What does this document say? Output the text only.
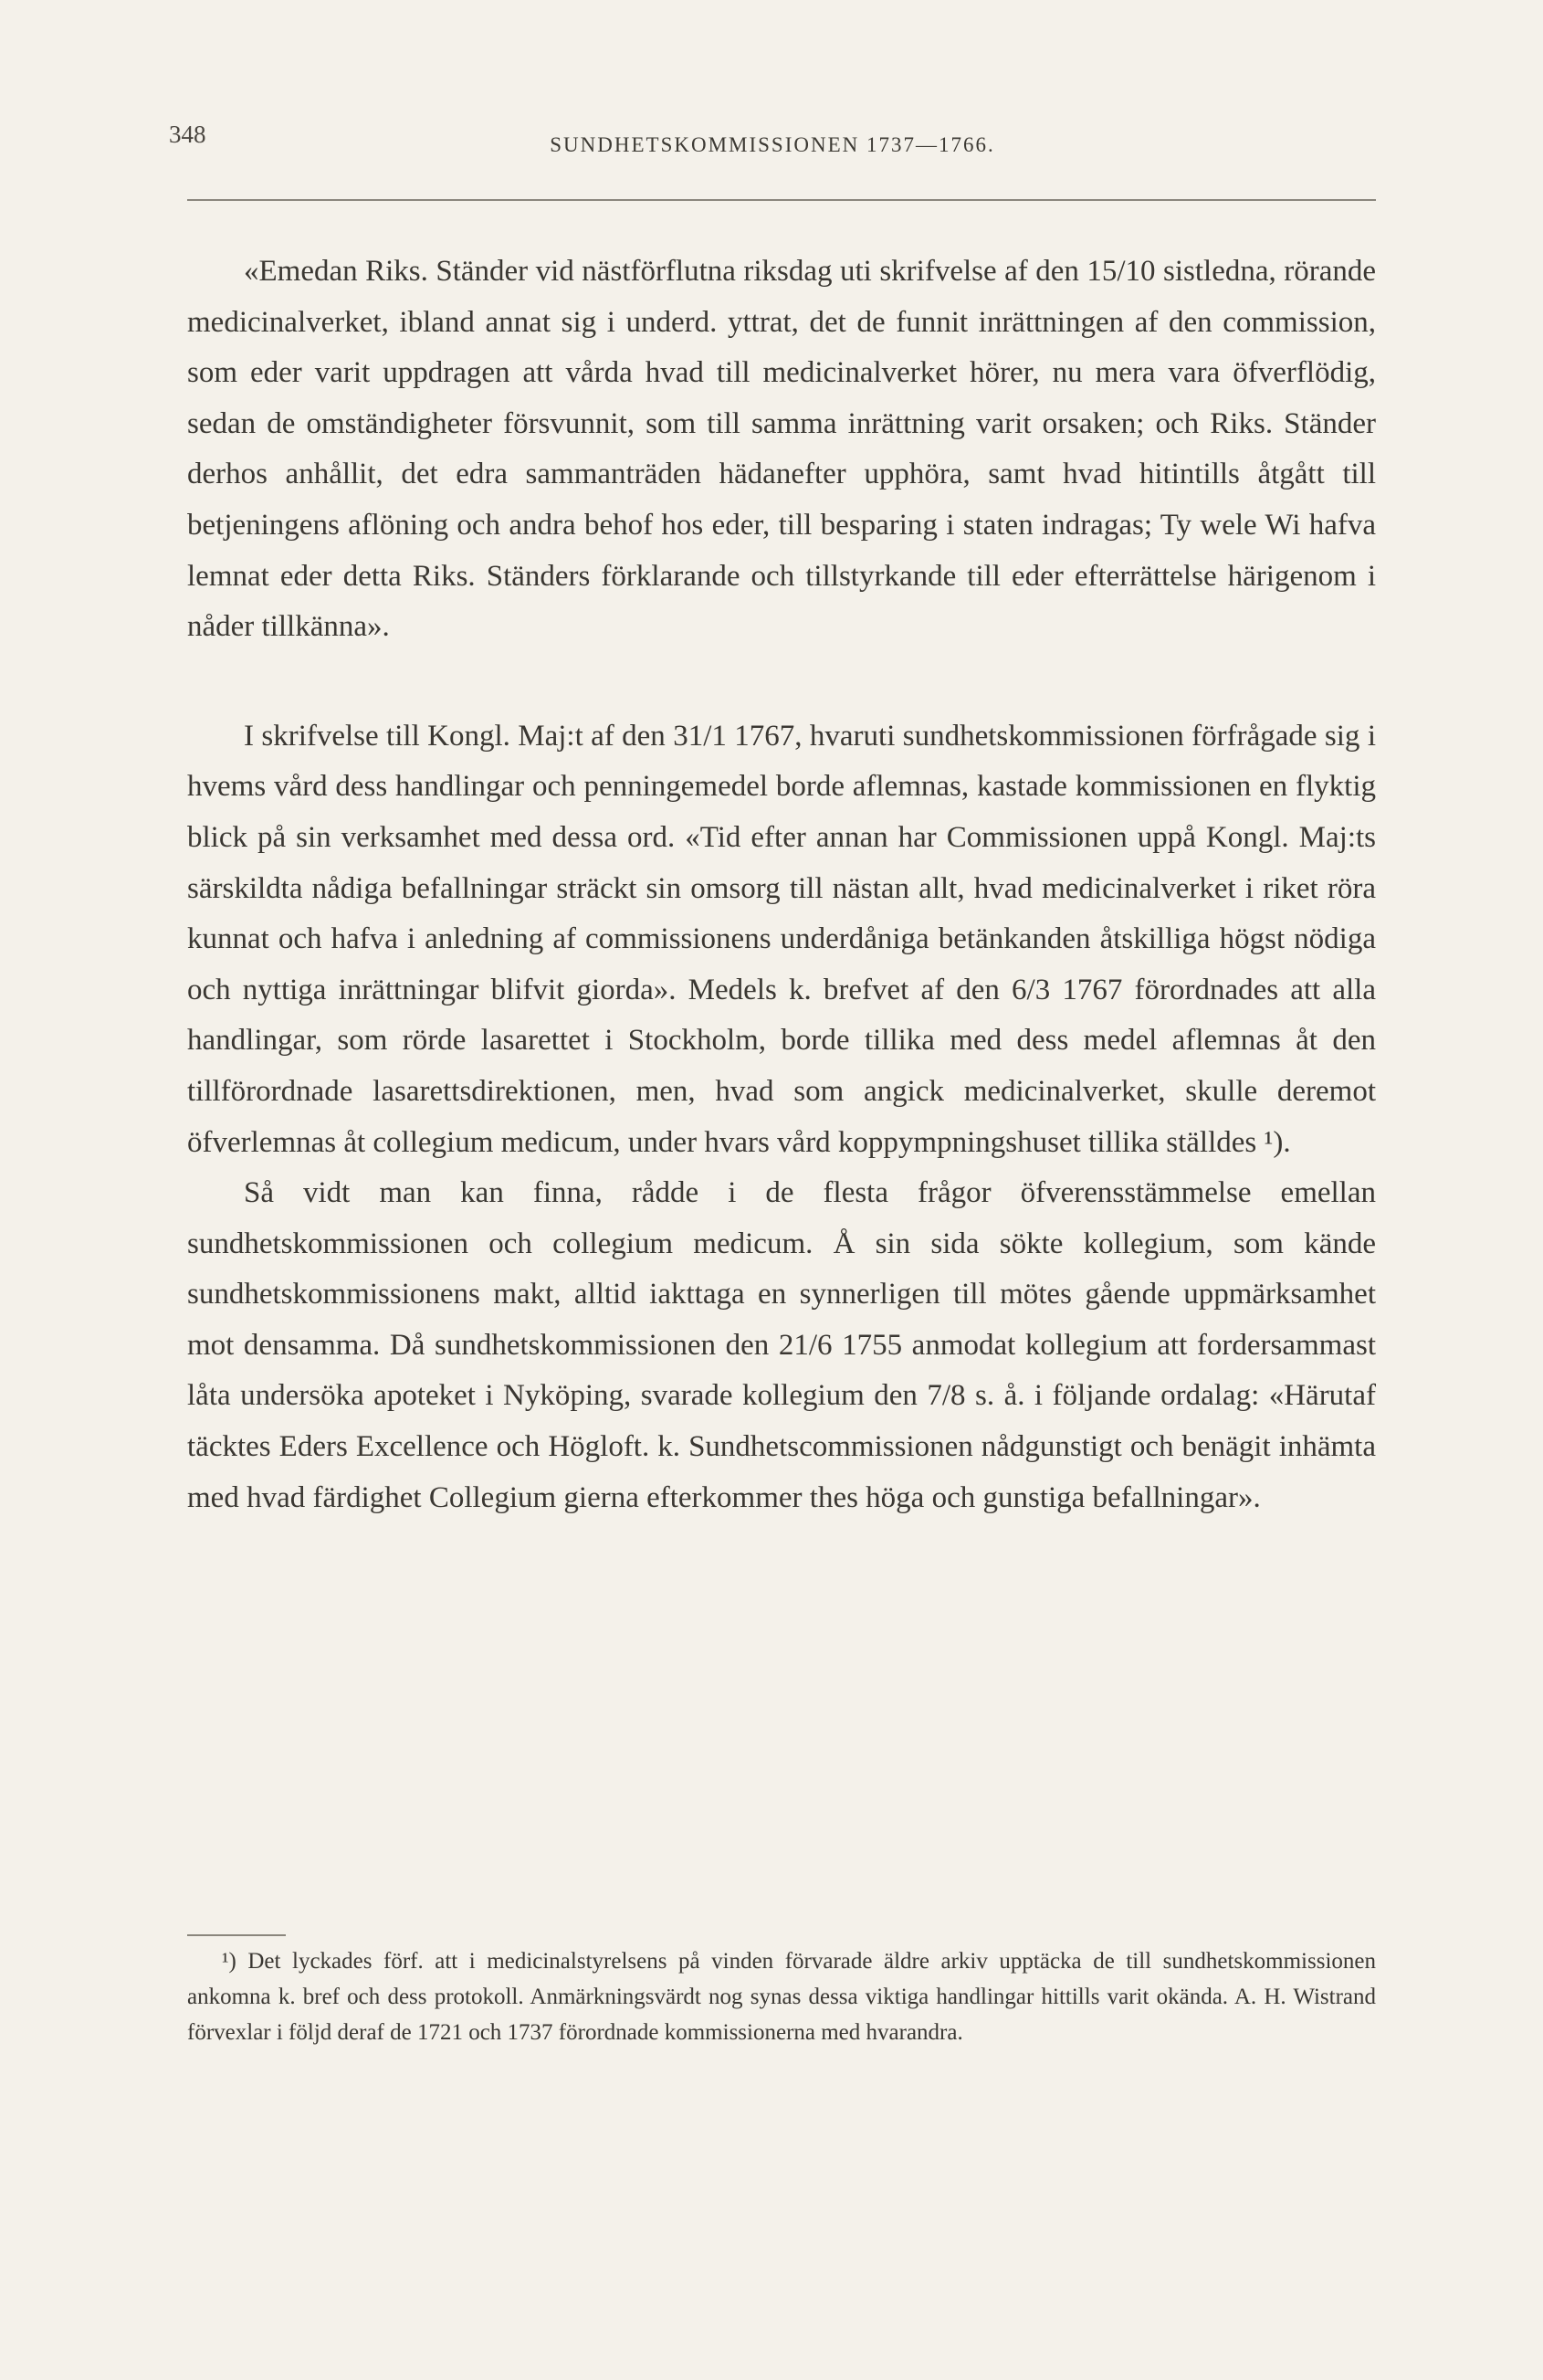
348	SUNDHETSKOMMISSIONEN 1737—1766.

«Emedan Riks. Ständer vid nästförflutna riksdag uti skrifvelse af den 15/10 sistledna, rörande medicinalverket, ibland annat sig i underd. yttrat, det de funnit inrättningen af den commission, som eder varit uppdragen att vårda hvad till medicinalverket hörer, nu mera vara öfverflödig, sedan de omständigheter försvunnit, som till samma inrättning varit orsaken; och Riks. Ständer derhos anhållit, det edra sammanträden hädanefter upphöra, samt hvad hitintills åtgått till betjeningens aflöning och andra behof hos eder, till besparing i staten indragas; Ty wele Wi hafva lemnat eder detta Riks. Ständers förklarande och tillstyrkande till eder efterrättelse härigenom i nåder tillkänna».

I skrifvelse till Kongl. Maj:t af den 31/1 1767, hvaruti sundhetskommissionen förfrågade sig i hvems vård dess handlingar och penningemedel borde aflemnas, kastade kommissionen en flyktig blick på sin verksamhet med dessa ord. «Tid efter annan har Commissionen uppå Kongl. Maj:ts särskildta nådiga befallningar sträckt sin omsorg till nästan allt, hvad medicinalverket i riket röra kunnat och hafva i anledning af commissionens underdåniga betänkanden åtskilliga högst nödiga och nyttiga inrättningar blifvit giorda». Medels k. brefvet af den 6/3 1767 förordnades att alla handlingar, som rörde lasarettet i Stockholm, borde tillika med dess medel aflemnas åt den tillförordnade lasarettsdirektionen, men, hvad som angick medicinalverket, skulle deremot öfverlemnas åt collegium medicum, under hvars vård koppympningshuset tillika ställdes ¹).

Så vidt man kan finna, rådde i de flesta frågor öfverensstämmelse emellan sundhetskommissionen och collegium medicum. Å sin sida sökte kollegium, som kände sundhetskommissionens makt, alltid iakttaga en synnerligen till mötes gående uppmärksamhet mot densamma. Då sundhetskommissionen den 21/6 1755 anmodat kollegium att fordersammast låta undersöka apoteket i Nyköping, svarade kollegium den 7/8 s. å. i följande ordalag: «Härutaf täcktes Eders Excellence och Högloft. k. Sundhetscommissionen nådgunstigt och benägit inhämta med hvad färdighet Collegium gierna efterkommer thes höga och gunstiga befallningar».

¹) Det lyckades förf. att i medicinalstyrelsens på vinden förvarade äldre arkiv upptäcka de till sundhetskommissionen ankomna k. bref och dess protokoll. Anmärkningsvärdt nog synas dessa viktiga handlingar hittills varit okända. A. H. Wistrand förvexlar i följd deraf de 1721 och 1737 förordnade kommissionerna med hvarandra.
